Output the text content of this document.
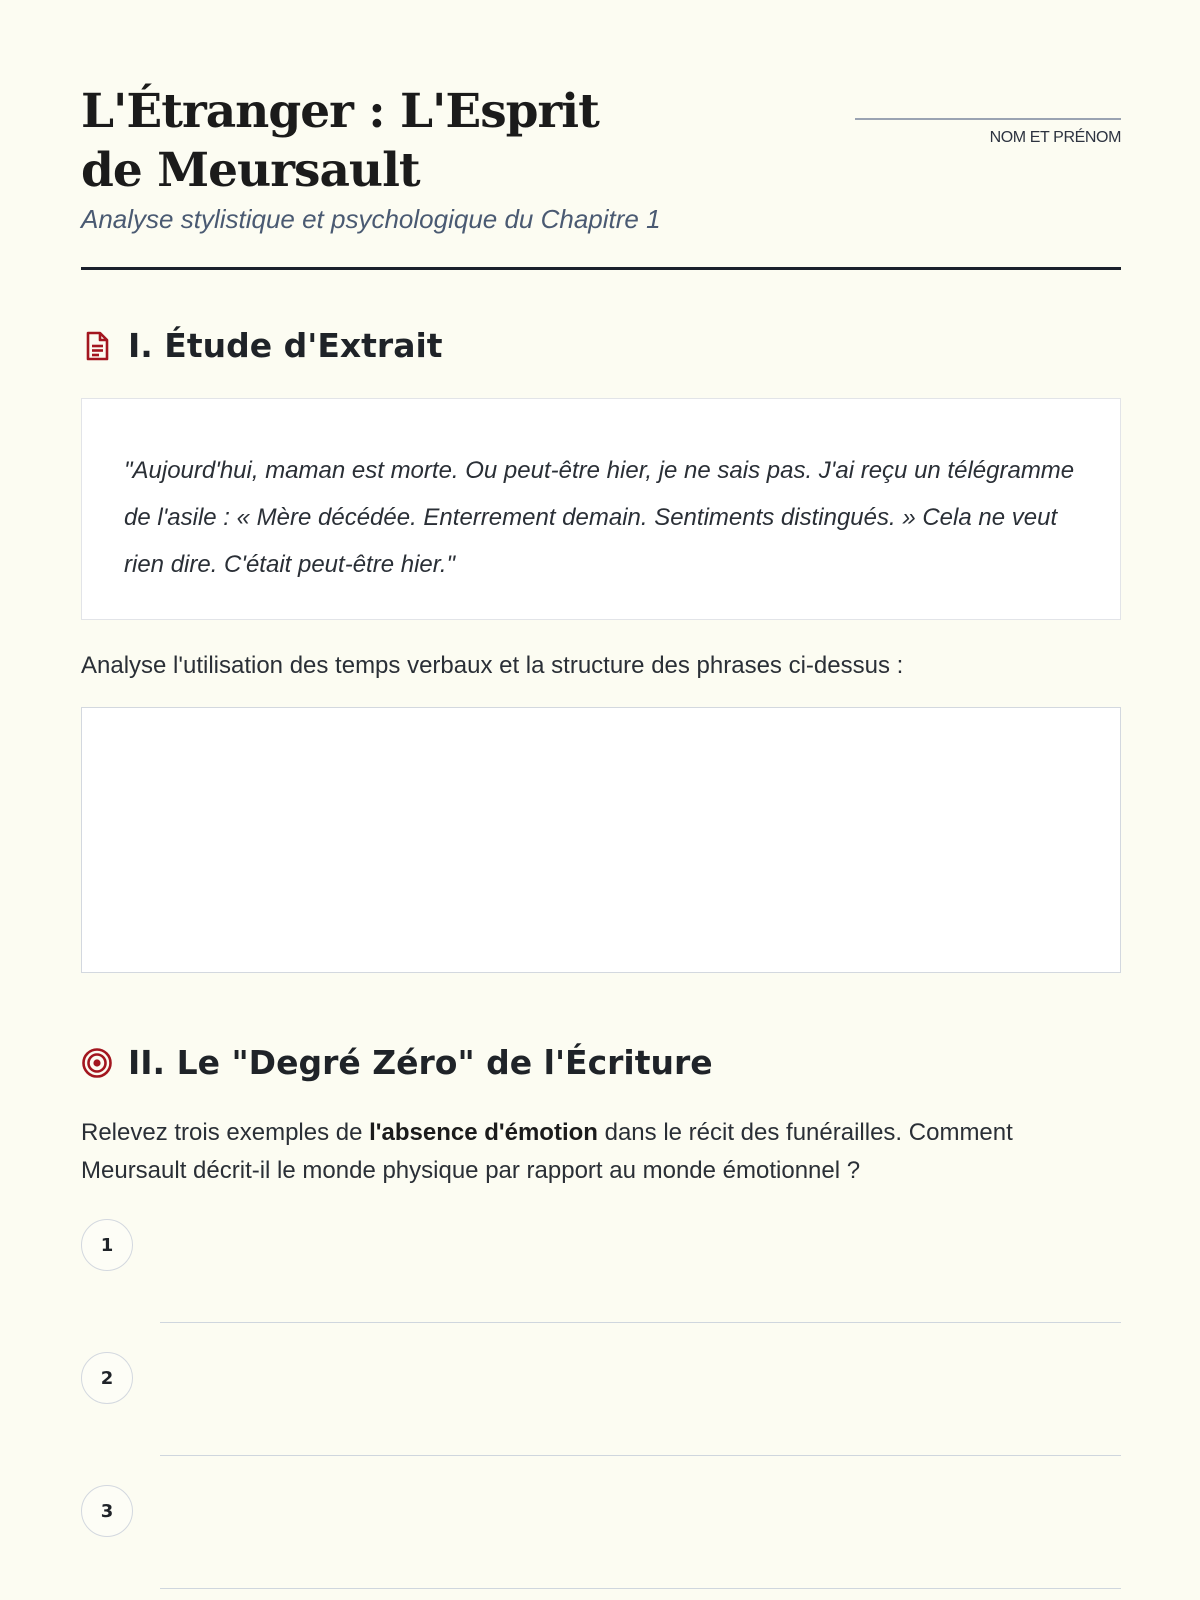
L'Étranger : L'Esprit de Meursault
Analyse stylistique et psychologique du Chapitre 1
NOM ET PRÉNOM
I. Étude d'Extrait

"Aujourd'hui, maman est morte. Ou peut-être hier, je ne sais pas. J'ai reçu un télégramme de l'asile : « Mère décédée. Enterrement demain. Sentiments distingués. » Cela ne veut rien dire. C'était peut-être hier."

Analyse l'utilisation des temps verbaux et la structure des phrases ci-dessus :

II. Le "Degré Zéro" de l'Écriture

Relevez trois exemples de l'absence d'émotion dans le récit des funérailles. Comment Meursault décrit-il le monde physique par rapport au monde émotionnel ?

1
2
3
